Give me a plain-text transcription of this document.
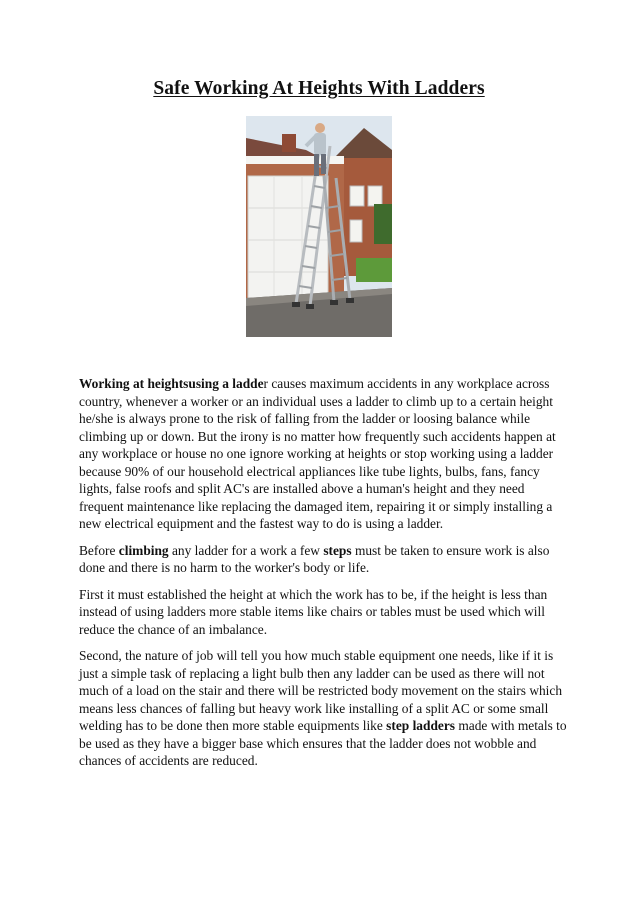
Safe Working At Heights With Ladders

Working at heightsusing a ladder causes maximum accidents in any workplace across country, whenever a worker or an individual uses a ladder to climb up to a certain height he/she is always prone to the risk of falling from the ladder or loosing balance while climbing up or down. But the irony is no matter how frequently such accidents happen at any workplace or house no one ignore working at heights or stop working using a ladder because 90% of our household electrical appliances like tube lights, bulbs, fans, fancy lights, false roofs and split AC's are installed above a human's height and they need frequent maintenance like replacing the damaged item, repairing it or simply installing a new electrical equipment and the fastest way to do is using a ladder.

Before climbing any ladder for a work a few steps must be taken to ensure work is also done and there is no harm to the worker's body or life.

First it must established the height at which the work has to be, if the height is less than instead of using ladders more stable items like chairs or tables must be used which will reduce the chance of an imbalance.

Second, the nature of job will tell you how much stable equipment one needs, like if it is just a simple task of replacing a light bulb then any ladder can be used as there will not much of a load on the stair and there will be restricted body movement on the stairs which means less chances of falling but heavy work like installing of a split AC or some small welding has to be done then more stable equipments like step ladders made with metals to be used as they have a bigger base which ensures that the ladder does not wobble and chances of accidents are reduced.
